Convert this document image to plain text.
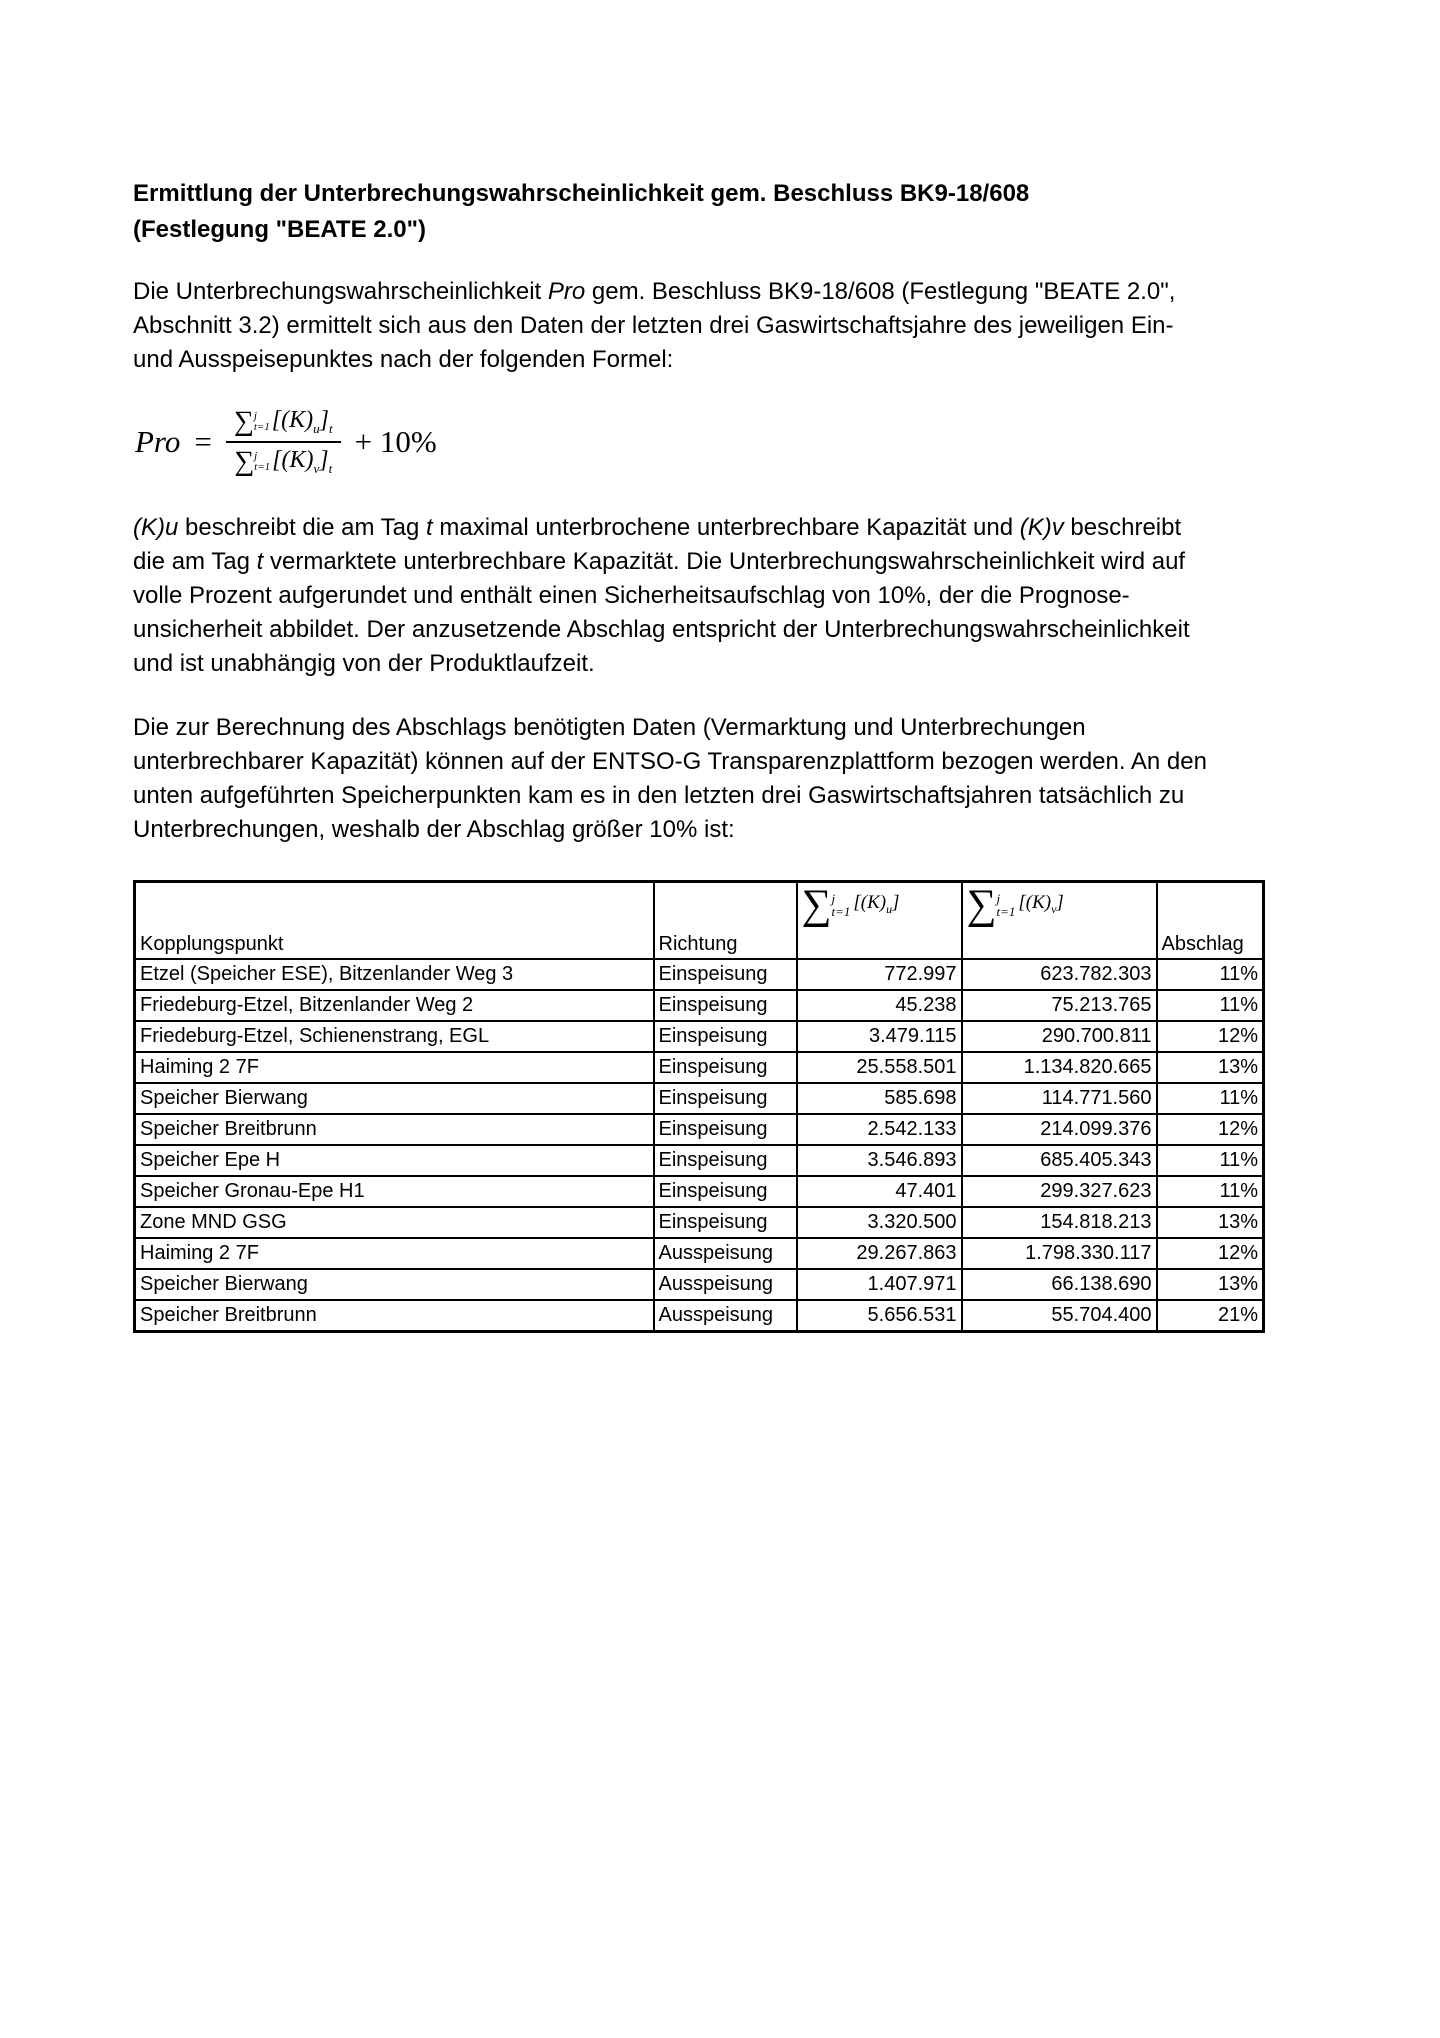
Ermittlung der Unterbrechungswahrscheinlichkeit gem. Beschluss BK9-18/608
(Festlegung "BEATE 2.0")
Die Unterbrechungswahrscheinlichkeit Pro gem. Beschluss BK9-18/608 (Festlegung "BEATE 2.0",
Abschnitt 3.2) ermittelt sich aus den Daten der letzten drei Gaswirtschaftsjahre des jeweiligen Ein-
und Ausspeisepunktes nach der folgenden Formel:
Pro = ∑ j
t=1 $[(K)_u]_t$
∑ j
t=1 $[(K)_v]_t + 10\%$
(K)u beschreibt die am Tag t maximal unterbrochene unterbrechbare Kapazität und (K)v beschreibt
die am Tag t vermarktete unterbrechbare Kapazität. Die Unterbrechungswahrscheinlichkeit wird auf
volle Prozent aufgerundet und enthält einen Sicherheitsaufschlag von 10%, der die Prognose-
unsicherheit abbildet. Der anzusetzende Abschlag entspricht der Unterbrechungswahrscheinlichkeit
und ist unabhängig von der Produktlaufzeit.
Die zur Berechnung des Abschlags benötigten Daten (Vermarktung und Unterbrechungen
unterbrechbarer Kapazität) können auf der ENTSO-G Transparenzplattform bezogen werden. An den
unten aufgeführten Speicherpunkten kam es in den letzten drei Gaswirtschaftsjahren tatsächlich zu
Unterbrechungen, weshalb der Abschlag größer 10% ist:
Kopplungspunkt	Richtung	∑ j
t=1 $[(K)_u]$	∑ j
t=1 $[(K)_v]$	Abschlag
Etzel (Speicher ESE), Bitzenlander Weg 3	Einspeisung	772.997	623.782.303	11%
Friedeburg-Etzel, Bitzenlander Weg 2	Einspeisung	45.238	75.213.765	11%
Friedeburg-Etzel, Schienenstrang, EGL	Einspeisung	3.479.115	290.700.811	12%
Haiming 2 7F	Einspeisung	25.558.501	1.134.820.665	13%
Speicher Bierwang	Einspeisung	585.698	114.771.560	11%
Speicher Breitbrunn	Einspeisung	2.542.133	214.099.376	12%
Speicher Epe H	Einspeisung	3.546.893	685.405.343	11%
Speicher Gronau-Epe H1	Einspeisung	47.401	299.327.623	11%
Zone MND GSG	Einspeisung	3.320.500	154.818.213	13%
Haiming 2 7F	Ausspeisung	29.267.863	1.798.330.117	12%
Speicher Bierwang	Ausspeisung	1.407.971	66.138.690	13%
Speicher Breitbrunn	Ausspeisung	5.656.531	55.704.400	21%
